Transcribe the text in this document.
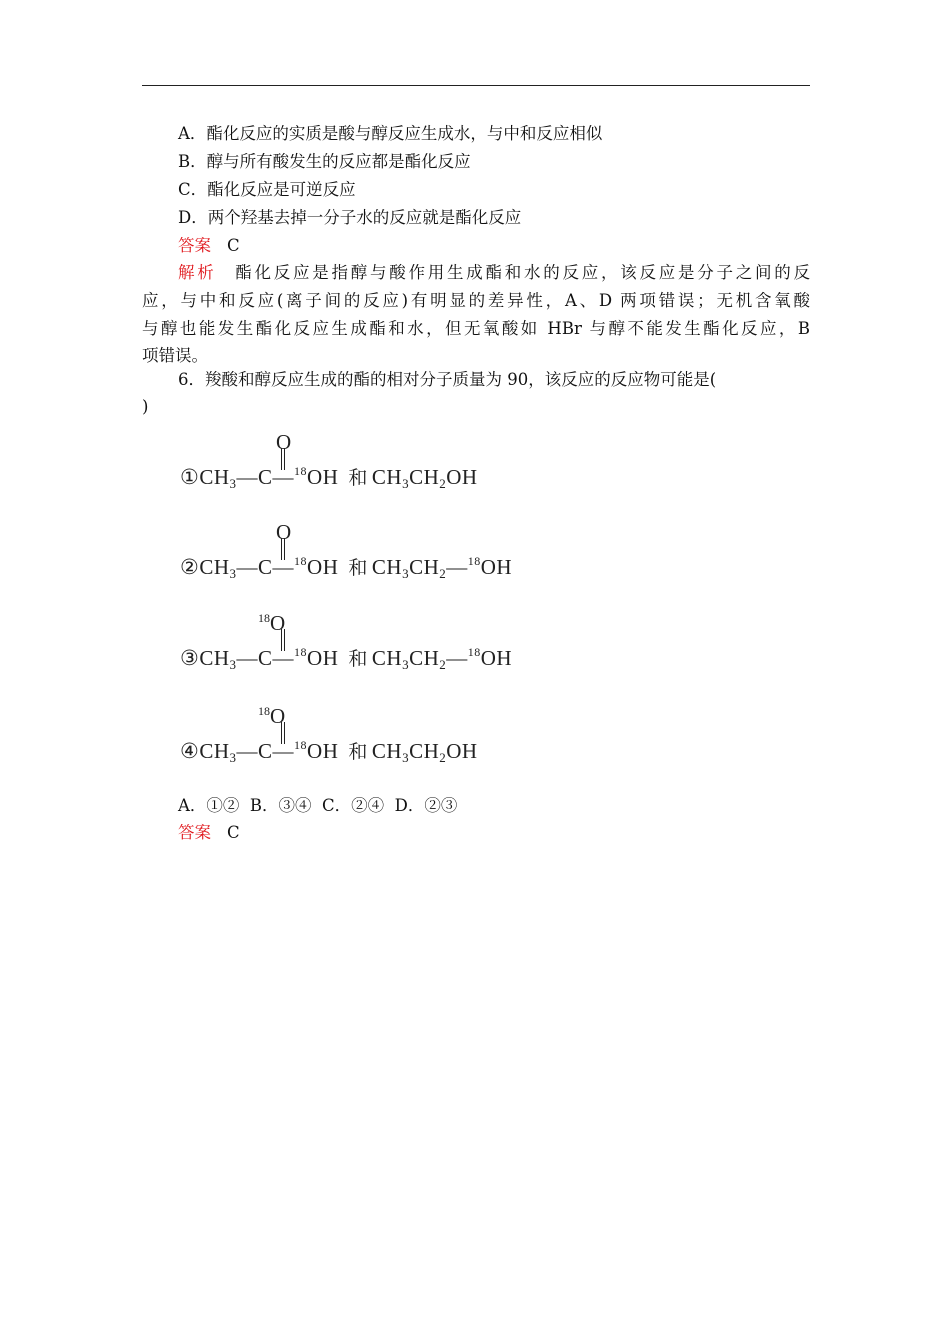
A．酯化反应的实质是酸与醇反应生成水，与中和反应相似
B．醇与所有酸发生的反应都是酯化反应
C．酯化反应是可逆反应
D．两个羟基去掉一分子水的反应就是酯化反应
答案 C
解析 酯化反应是指醇与酸作用生成酯和水的反应，该反应是分子之间的反
应，与中和反应(离子间的反应)有明显的差异性，A、D 两项错误；无机含氧酸
与醇也能发生酯化反应生成酯和水，但无氧酸如 HBr 与醇不能发生酯化反应，B
项错误。
6．羧酸和醇反应生成的酯的相对分子质量为 90，该反应的反应物可能是(
)
O
$①CH_3—C—^{18}OH$ 和 $CH_3CH_2OH$
O
$②CH_3—C—^{18}OH$ 和 $CH_3CH_2—^{18}OH$
$^{18}$O
$③CH_3—C—^{18}OH$ 和 $CH_3CH_2—^{18}OH$
$^{18}$O
$④CH_3—C—^{18}OH$ 和 $CH_3CH_2OH$
A．①②  B．③④  C．②④  D．②③
答案 C
